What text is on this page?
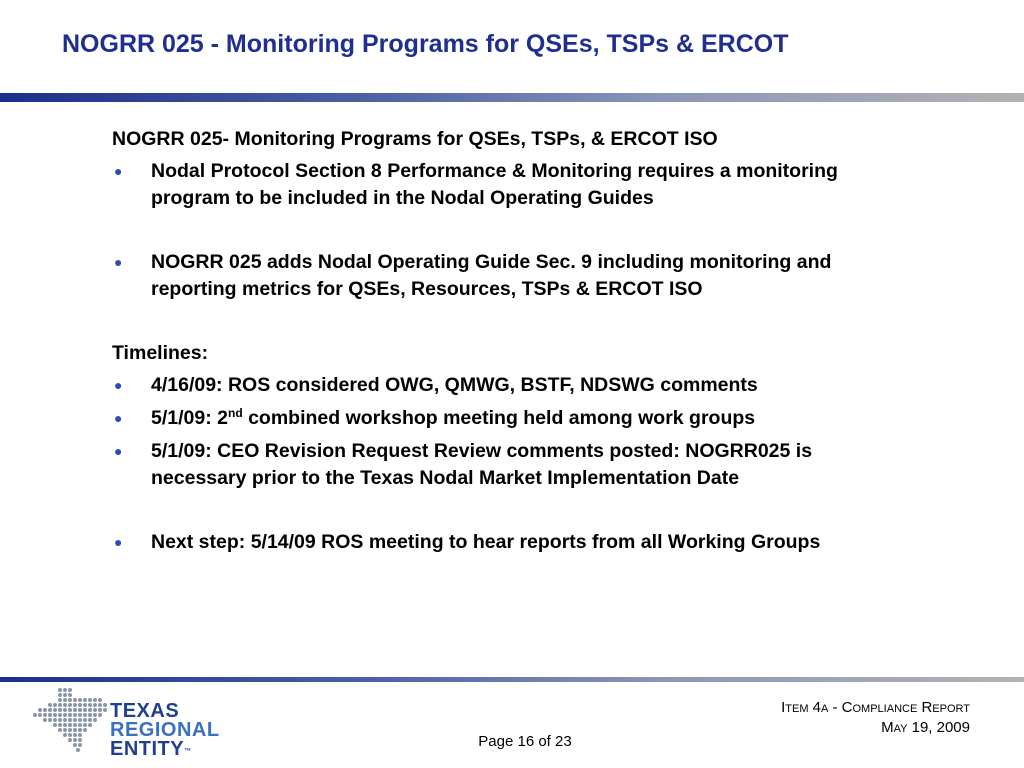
NOGRR 025 - Monitoring Programs for QSEs, TSPs & ERCOT

NOGRR 025- Monitoring Programs for QSEs, TSPs, & ERCOT ISO

● Nodal Protocol Section 8 Performance & Monitoring requires a monitoring program to be included in the Nodal Operating Guides
● NOGRR 025 adds Nodal Operating Guide Sec. 9 including monitoring and reporting metrics for QSEs, Resources, TSPs & ERCOT ISO

Timelines:

● 4/16/09: ROS considered OWG, QMWG, BSTF, NDSWG comments
● 5/1/09: 2nd combined workshop meeting held among work groups
● 5/1/09: CEO Revision Request Review comments posted: NOGRR025 is necessary prior to the Texas Nodal Market Implementation Date
● Next step: 5/14/09 ROS meeting to hear reports from all Working Groups
TEXAS
REGIONAL
ENTITY™
Page 16 of 23
Item 4a - Compliance Report
May 19, 2009
